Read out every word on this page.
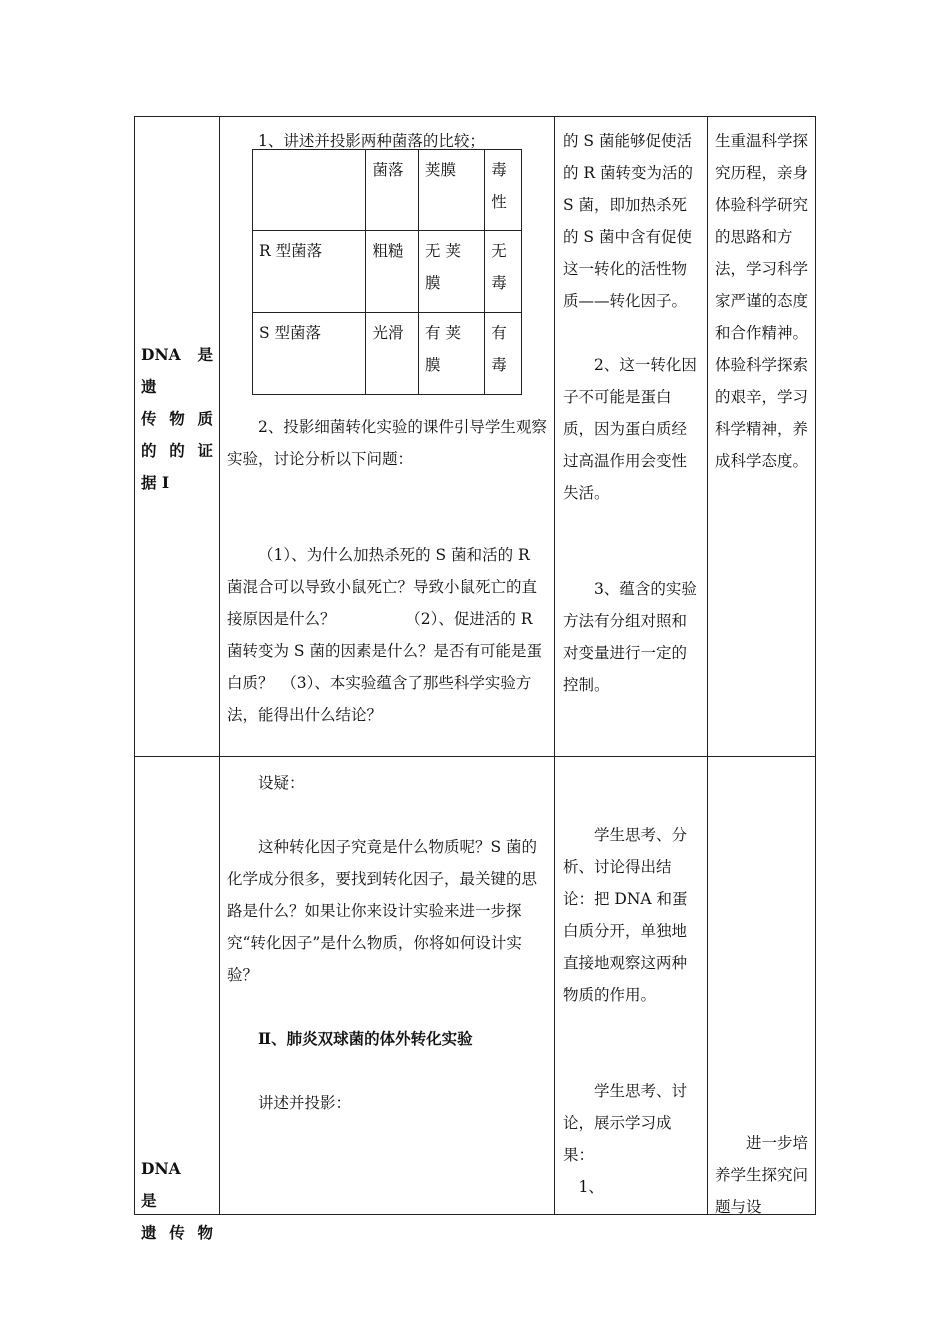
DNA 是遗

传 物 质

的 的 证

据 I

1、讲述并投影两种菌落的比较；

	菌落	荚膜	毒性
R 型菌落	粗糙	无 荚 膜	无 毒
S 型菌落	光滑	有 荚 膜	有 毒

2、投影细菌转化实验的课件引导学生观察实验，讨论分析以下问题：

（1）、为什么加热杀死的 S 菌和活的 R 菌混合可以导致小鼠死亡？导致小鼠死亡的直接原因是什么？　　　　　（2）、促进活的 R 菌转变为 S 菌的因素是什么？是否有可能是蛋白质？　（3）、本实验蕴含了那些科学实验方法，能得出什么结论？

的 S 菌能够促使活的 R 菌转变为活的 S 菌，即加热杀死的 S 菌中含有促使这一转化的活性物质——转化因子。

2、这一转化因子不可能是蛋白质，因为蛋白质经过高温作用会变性失活。

3、蕴含的实验方法有分组对照和对变量进行一定的控制。

生重温科学探究历程，亲身体验科学研究的思路和方法，学习科学家严谨的态度和合作精神。体验科学探索的艰辛，学习科学精神，养成科学态度。

DNA　　是

遗 传 物

设疑：

这种转化因子究竟是什么物质呢？S 菌的化学成分很多，要找到转化因子，最关键的思路是什么？如果让你来设计实验来进一步探究“转化因子”是什么物质，你将如何设计实验？

Ⅱ、肺炎双球菌的体外转化实验

讲述并投影：

学生思考、分析、讨论得出结论：把 DNA 和蛋白质分开，单独地直接地观察这两种物质的作用。

学生思考、讨论，展示学习成果：

1、

进一步培养学生探究问题与设
